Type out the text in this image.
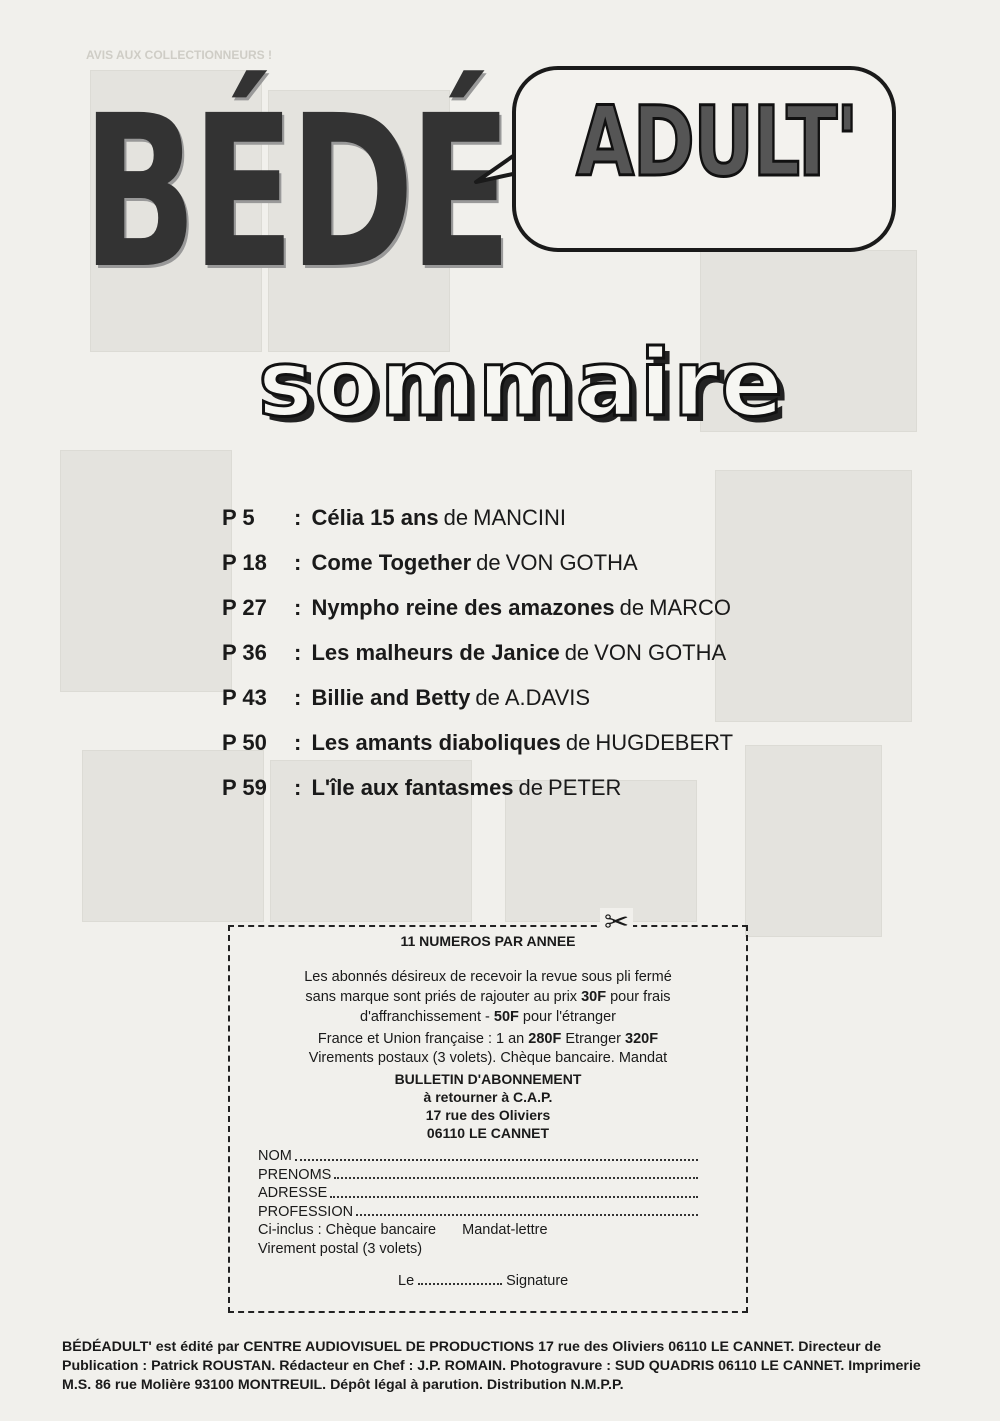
AVIS AUX COLLECTIONNEURS !
BÉDÉ ADULT'
sommaire
P 5 : Célia 15 ans de MANCINI
P 18 : Come Together de VON GOTHA
P 27 : Nympho reine des amazones de MARCO
P 36 : Les malheurs de Janice de VON GOTHA
P 43 : Billie and Betty de A.DAVIS
P 50 : Les amants diaboliques de HUGDEBERT
P 59 : L'île aux fantasmes de PETER
11 NUMEROS PAR ANNEE
Les abonnés désireux de recevoir la revue sous pli fermé
sans marque sont priés de rajouter au prix 30F pour frais
d'affranchissement - 50F pour l'étranger
France et Union française : 1 an 280F Etranger 320F
Virements postaux (3 volets). Chèque bancaire. Mandat
BULLETIN D'ABONNEMENT
à retourner à C.A.P.
17 rue des Oliviers
06110 LE CANNET
NOM
PRENOMS
ADRESSE
PROFESSION
Ci-inclus : Chèque bancaire Mandat-lettre
Virement postal (3 volets)
Le	Signature
✂
BÉDÉADULT' est édité par CENTRE AUDIOVISUEL DE PRODUCTIONS 17 rue des Oliviers 06110 LE CANNET. Directeur de Publication : Patrick ROUSTAN. Rédacteur en Chef : J.P. ROMAIN. Photogravure : SUD QUADRIS 06110 LE CANNET. Imprimerie M.S. 86 rue Molière 93100 MONTREUIL. Dépôt légal à parution. Distribution N.M.P.P.
